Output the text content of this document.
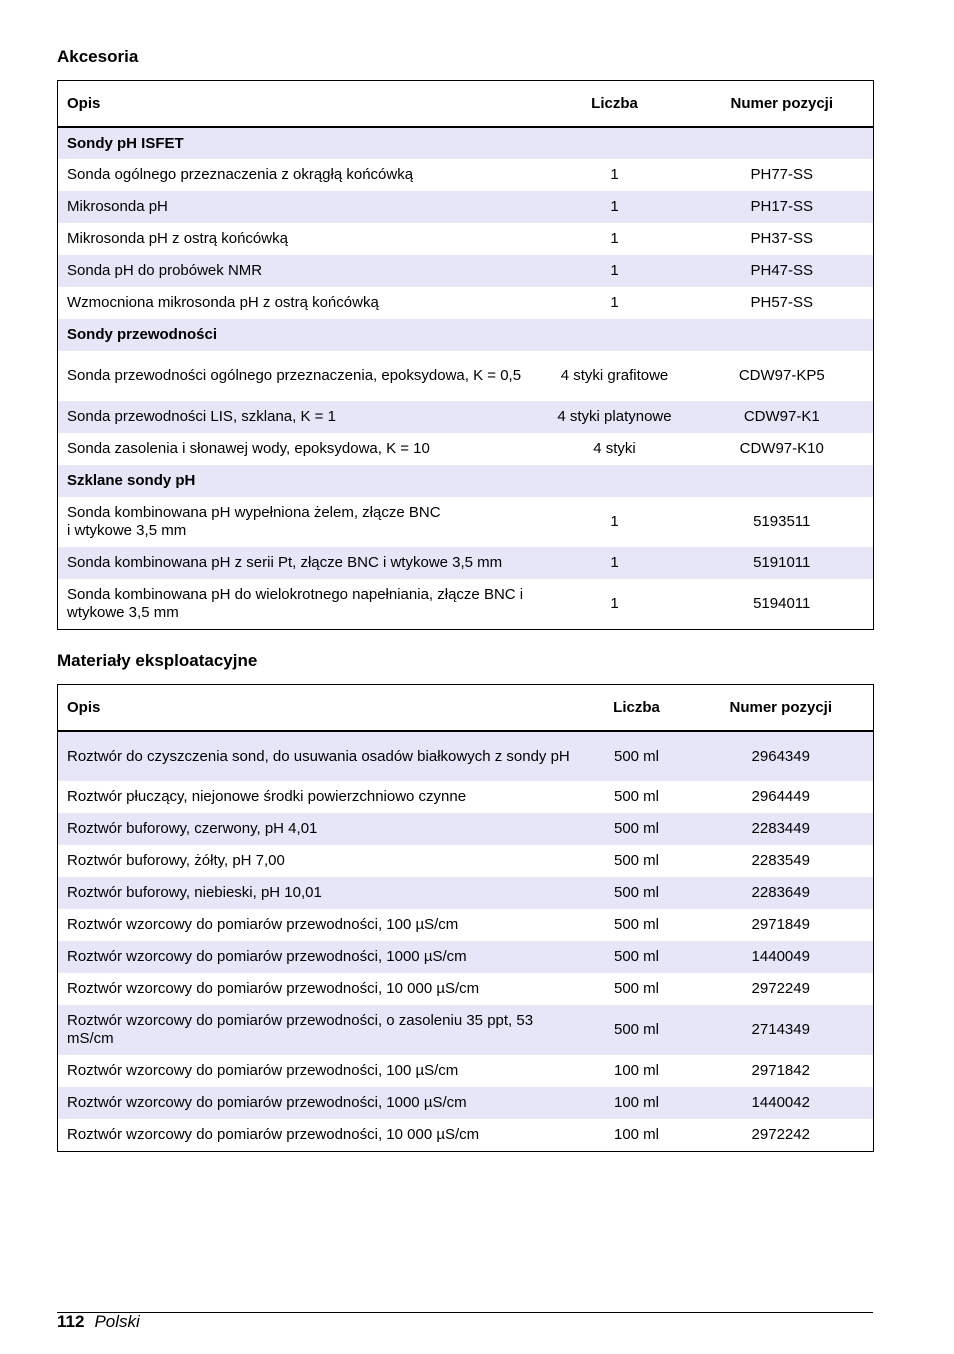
Akcesoria
Opis	Liczba	Numer pozycji
Sondy pH ISFET		
Sonda ogólnego przeznaczenia z okrągłą końcówką	1	PH77-SS
Mikrosonda pH	1	PH17-SS
Mikrosonda pH z ostrą końcówką	1	PH37-SS
Sonda pH do probówek NMR	1	PH47-SS
Wzmocniona mikrosonda pH z ostrą końcówką	1	PH57-SS
Sondy przewodności		
Sonda przewodności ogólnego przeznaczenia, epoksydowa, K = 0,5	4 styki grafitowe	CDW97-KP5
Sonda przewodności LIS, szklana, K = 1	4 styki platynowe	CDW97-K1
Sonda zasolenia i słonawej wody, epoksydowa, K = 10	4 styki	CDW97-K10
Szklane sondy pH		
Sonda kombinowana pH wypełniona żelem, złącze BNC
i wtykowe 3,5 mm	1	5193511
Sonda kombinowana pH z serii Pt, złącze BNC i wtykowe 3,5 mm	1	5191011
Sonda kombinowana pH do wielokrotnego napełniania, złącze BNC i wtykowe 3,5 mm	1	5194011
Materiały eksploatacyjne
Opis	Liczba	Numer pozycji
Roztwór do czyszczenia sond, do usuwania osadów białkowych z sondy pH	500 ml	2964349
Roztwór płuczący, niejonowe środki powierzchniowo czynne	500 ml	2964449
Roztwór buforowy, czerwony, pH 4,01	500 ml	2283449
Roztwór buforowy, żółty, pH 7,00	500 ml	2283549
Roztwór buforowy, niebieski, pH 10,01	500 ml	2283649
Roztwór wzorcowy do pomiarów przewodności, 100 µS/cm	500 ml	2971849
Roztwór wzorcowy do pomiarów przewodności, 1000 µS/cm	500 ml	1440049
Roztwór wzorcowy do pomiarów przewodności, 10 000 µS/cm	500 ml	2972249
Roztwór wzorcowy do pomiarów przewodności, o zasoleniu 35 ppt, 53 mS/cm	500 ml	2714349
Roztwór wzorcowy do pomiarów przewodności, 100 µS/cm	100 ml	2971842
Roztwór wzorcowy do pomiarów przewodności, 1000 µS/cm	100 ml	1440042
Roztwór wzorcowy do pomiarów przewodności, 10 000 µS/cm	100 ml	2972242
112 Polski
